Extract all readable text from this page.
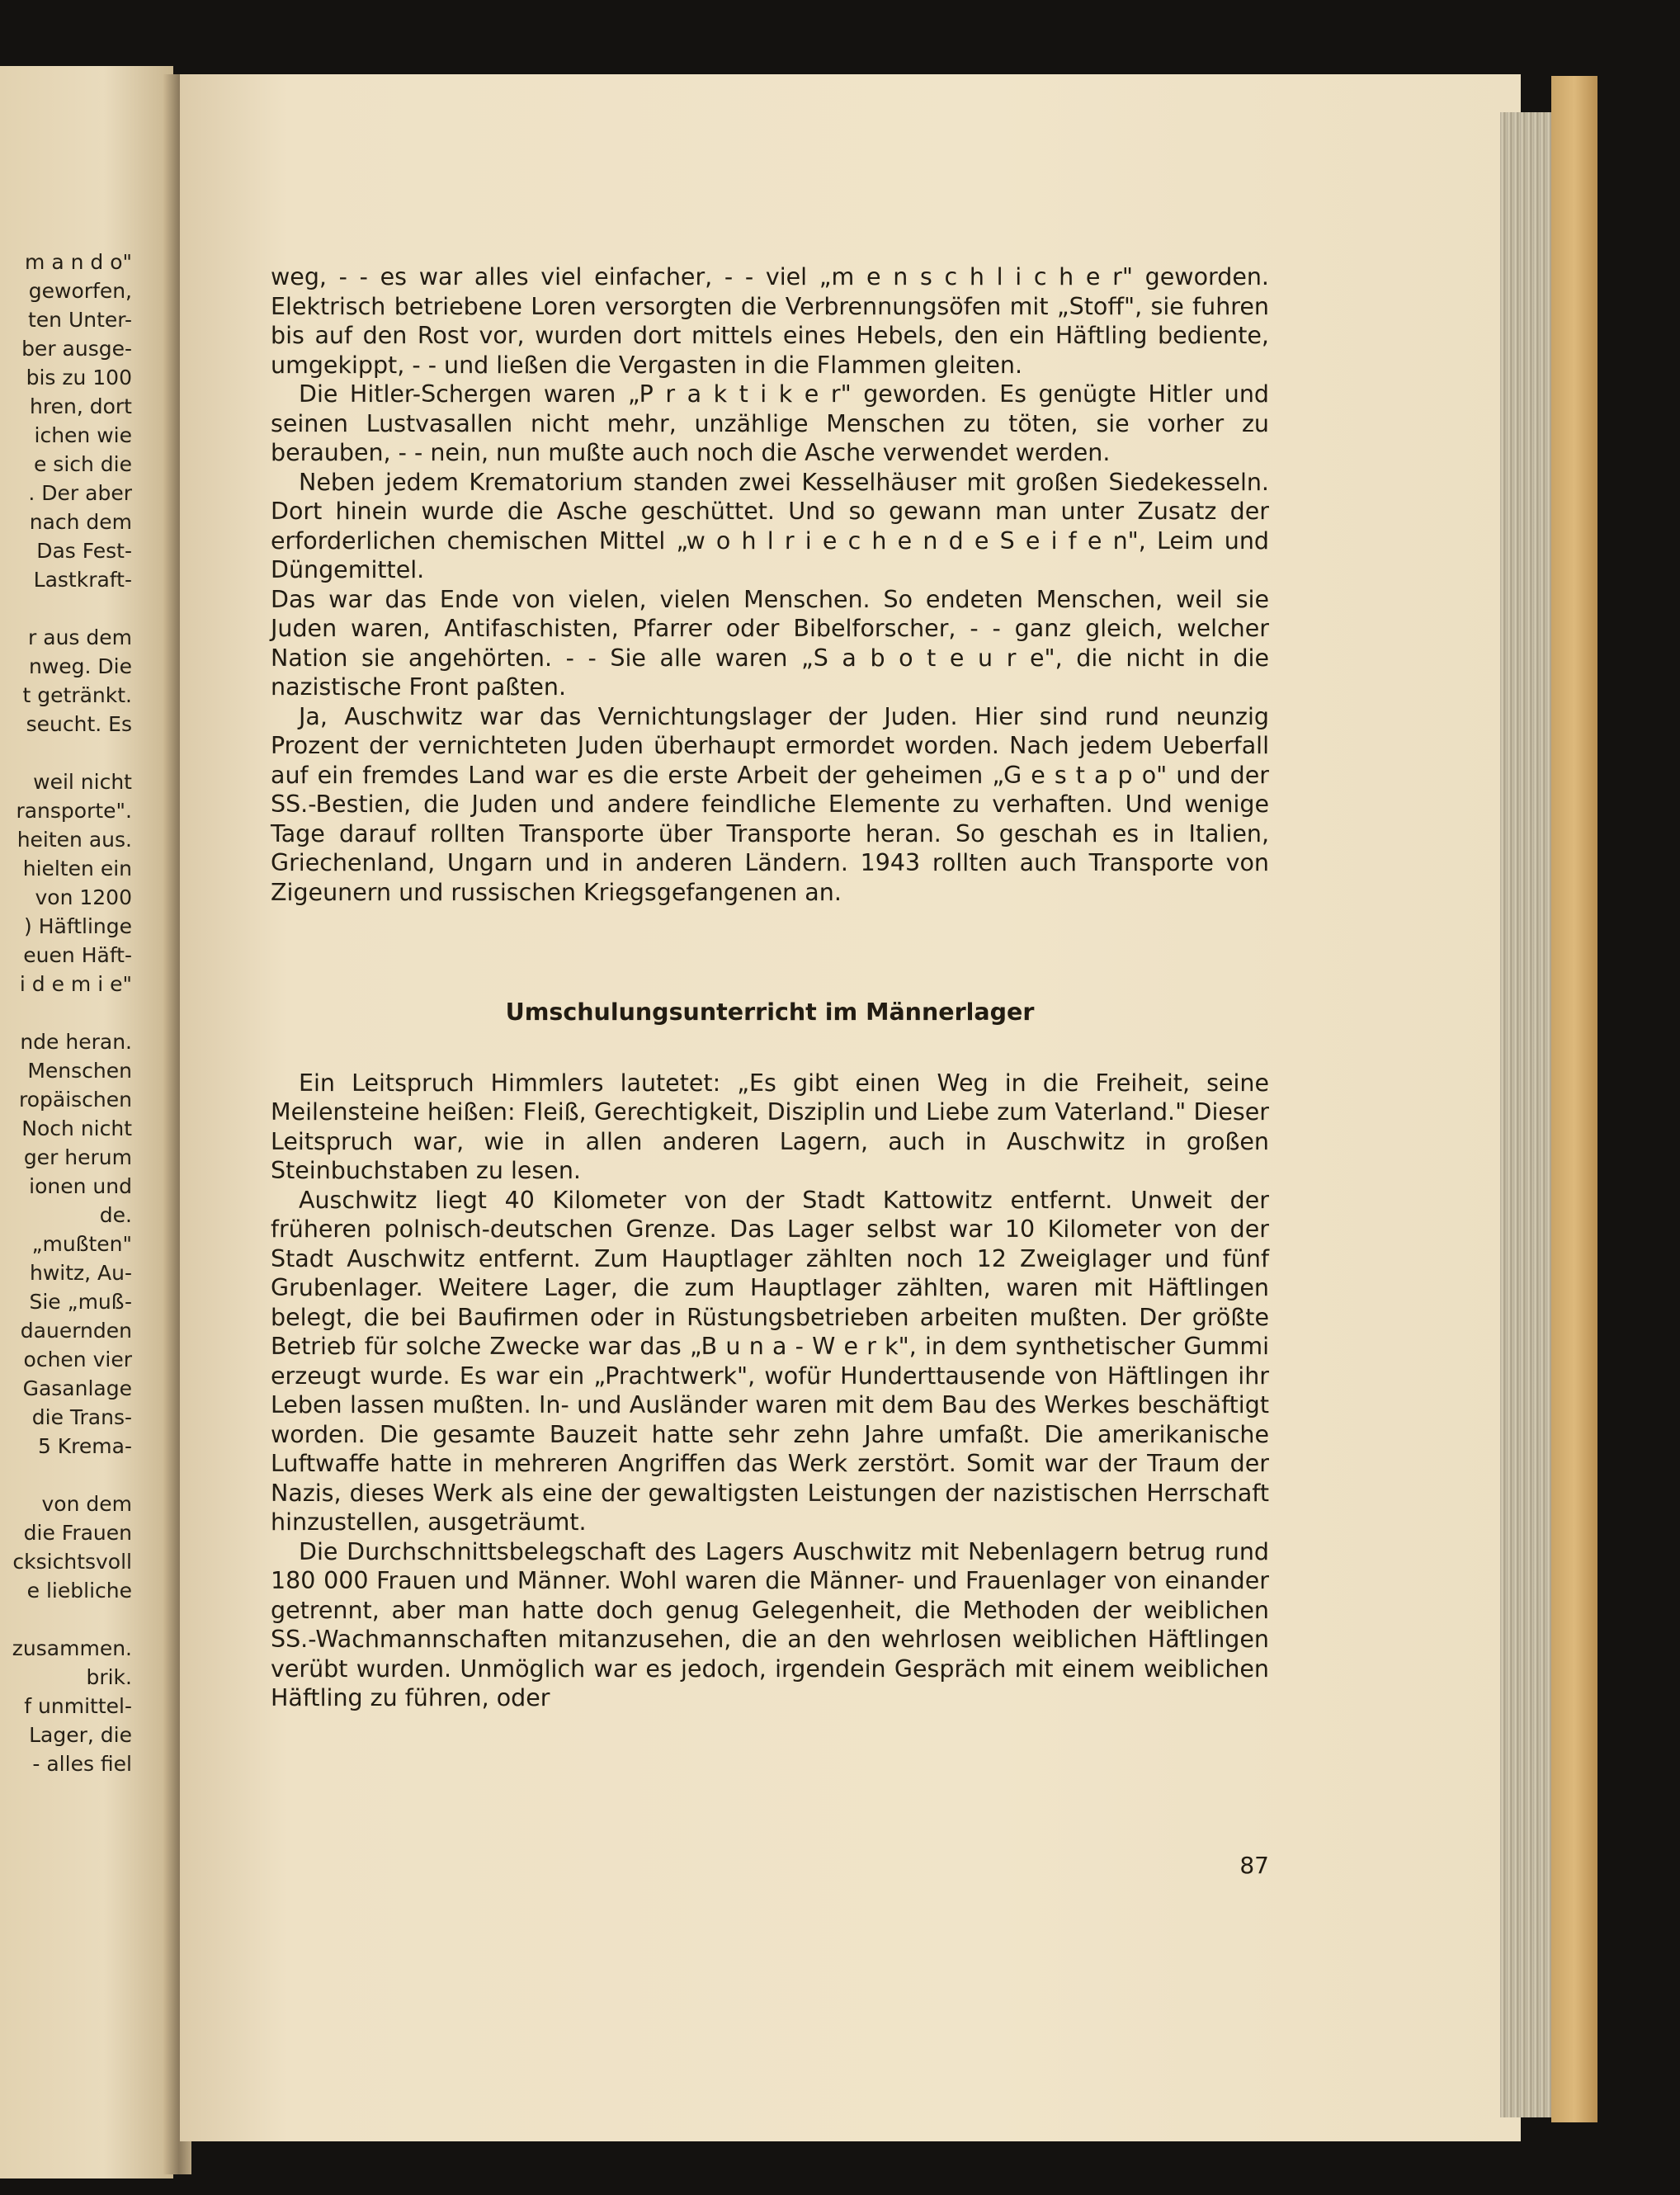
m a n d o"
geworfen,
ten Unter-
ber ausge-
bis zu 100
hren, dort
ichen wie
e sich die
. Der aber
nach dem
Das Fest-
Lastkraft-
r aus dem
nweg. Die
t getränkt.
seucht. Es
weil nicht
ransporte".
heiten aus.
hielten ein
von 1200
) Häftlinge
euen Häft-
i d e m i e"
nde heran.
Menschen
ropäischen
Noch nicht
ger herum
ionen und
de.
„mußten"
hwitz, Au-
Sie „muß-
dauernden
ochen vier
Gasanlage
die Trans-
5 Krema-
von dem
die Frauen
cksichtsvoll
e liebliche
zusammen.
brik.
f unmittel-
Lager, die
- alles fiel

weg, - - es war alles viel einfacher, - - viel „m e n s c h l i c h e r" geworden. Elektrisch betriebene Loren versorgten die Verbrennungsöfen mit „Stoff", sie fuhren bis auf den Rost vor, wurden dort mittels eines Hebels, den ein Häftling bediente, umgekippt, - - und ließen die Vergasten in die Flammen gleiten.

Die Hitler-Schergen waren „P r a k t i k e r" geworden. Es genügte Hitler und seinen Lustvasallen nicht mehr, unzählige Menschen zu töten, sie vorher zu berauben, - - nein, nun mußte auch noch die Asche verwendet werden.

Neben jedem Krematorium standen zwei Kesselhäuser mit großen Siedekesseln. Dort hinein wurde die Asche geschüttet. Und so gewann man unter Zusatz der erforderlichen chemischen Mittel „w o h l r i e c h e n d e S e i f e n", Leim und Düngemittel.

Das war das Ende von vielen, vielen Menschen. So endeten Menschen, weil sie Juden waren, Antifaschisten, Pfarrer oder Bibelforscher, - - ganz gleich, welcher Nation sie angehörten. - - Sie alle waren „S a b o t e u r e", die nicht in die nazistische Front paßten.

Ja, Auschwitz war das Vernichtungslager der Juden. Hier sind rund neunzig Prozent der vernichteten Juden überhaupt ermordet worden. Nach jedem Ueberfall auf ein fremdes Land war es die erste Arbeit der geheimen „G e s t a p o" und der SS.-Bestien, die Juden und andere feindliche Elemente zu verhaften. Und wenige Tage darauf rollten Transporte über Transporte heran. So geschah es in Italien, Griechenland, Ungarn und in anderen Ländern. 1943 rollten auch Transporte von Zigeunern und russischen Kriegsgefangenen an.

Umschulungsunterricht im Männerlager

Ein Leitspruch Himmlers lautetet: „Es gibt einen Weg in die Freiheit, seine Meilensteine heißen: Fleiß, Gerechtigkeit, Disziplin und Liebe zum Vaterland." Dieser Leitspruch war, wie in allen anderen Lagern, auch in Auschwitz in großen Steinbuchstaben zu lesen.

Auschwitz liegt 40 Kilometer von der Stadt Kattowitz entfernt. Unweit der früheren polnisch-deutschen Grenze. Das Lager selbst war 10 Kilometer von der Stadt Auschwitz entfernt. Zum Hauptlager zählten noch 12 Zweiglager und fünf Grubenlager. Weitere Lager, die zum Hauptlager zählten, waren mit Häftlingen belegt, die bei Baufirmen oder in Rüstungsbetrieben arbeiten mußten. Der größte Betrieb für solche Zwecke war das „B u n a - W e r k", in dem synthetischer Gummi erzeugt wurde. Es war ein „Prachtwerk", wofür Hunderttausende von Häftlingen ihr Leben lassen mußten. In- und Ausländer waren mit dem Bau des Werkes beschäftigt worden. Die gesamte Bauzeit hatte sehr zehn Jahre umfaßt. Die amerikanische Luftwaffe hatte in mehreren Angriffen das Werk zerstört. Somit war der Traum der Nazis, dieses Werk als eine der gewaltigsten Leistungen der nazistischen Herrschaft hinzustellen, ausgeträumt.

Die Durchschnittsbelegschaft des Lagers Auschwitz mit Nebenlagern betrug rund 180 000 Frauen und Männer. Wohl waren die Männer- und Frauenlager von einander getrennt, aber man hatte doch genug Gelegenheit, die Methoden der weiblichen SS.-Wachmannschaften mitanzusehen, die an den wehrlosen weiblichen Häftlingen verübt wurden. Unmöglich war es jedoch, irgendein Gespräch mit einem weiblichen Häftling zu führen, oder

87
